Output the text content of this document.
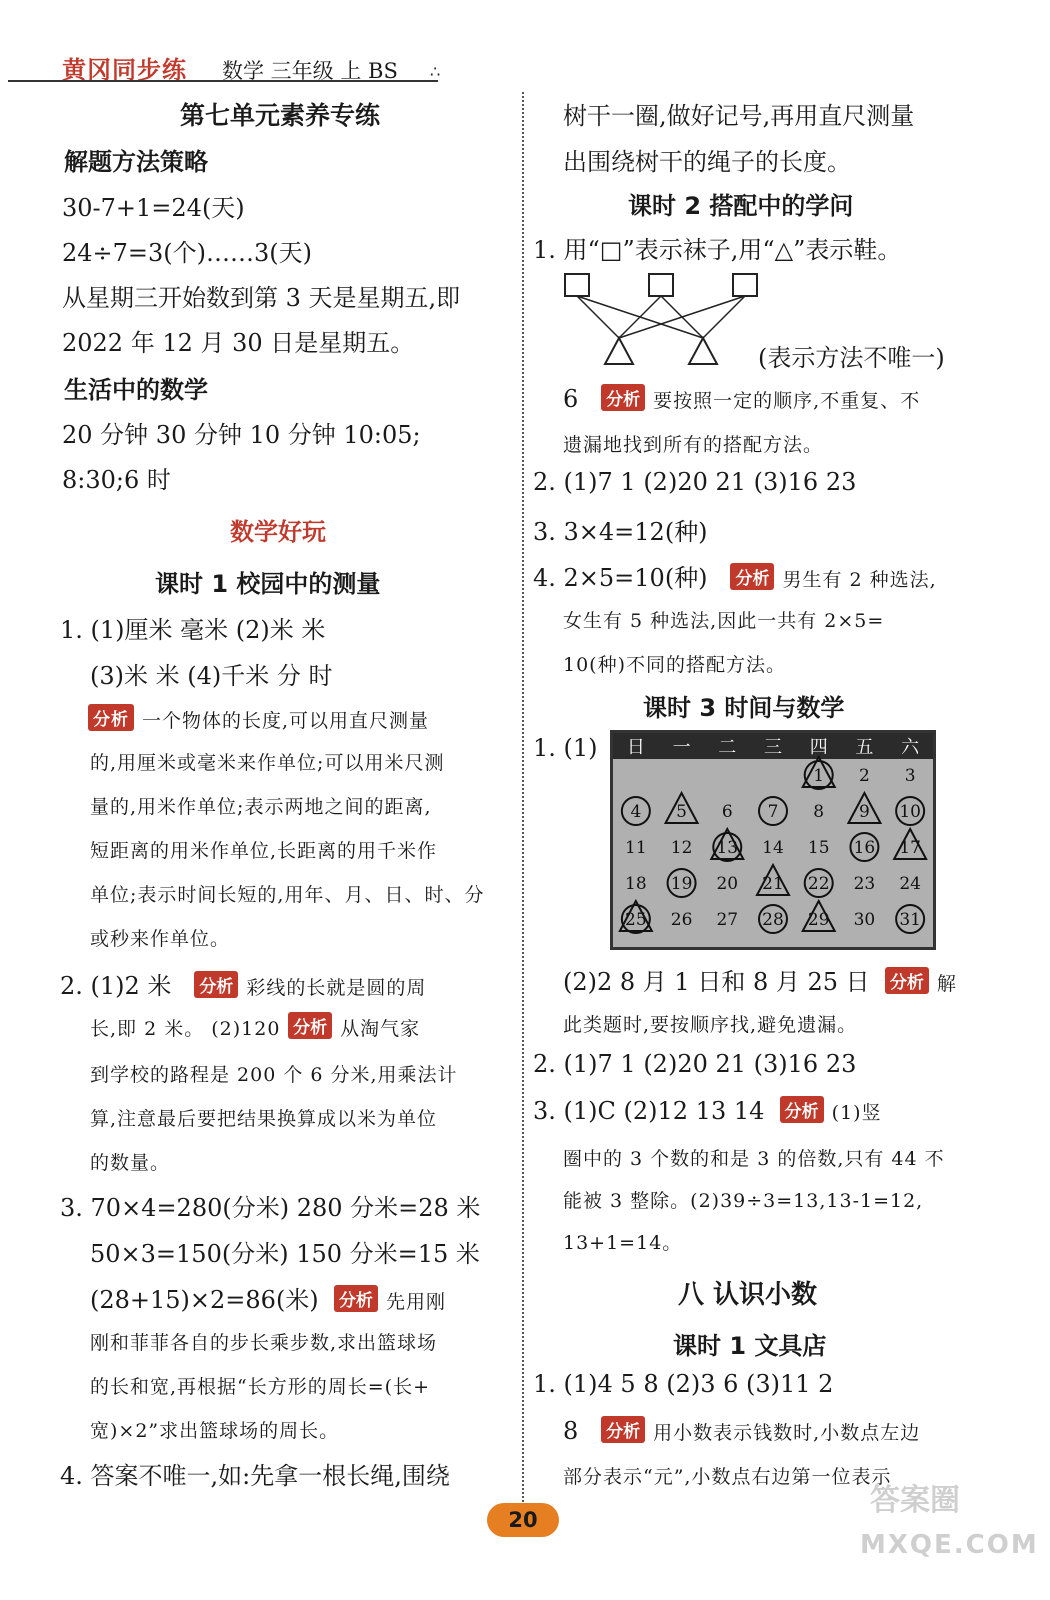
黄冈同步练 数学 三年级 上 BS ∴
第七单元素养专练
解题方法策略
30-7+1=24(天)
24÷7=3(个)……3(天)
从星期三开始数到第 3 天是星期五,即
2022 年 12 月 30 日是星期五。
生活中的数学
20 分钟 30 分钟 10 分钟 10:05;
8:30;6 时
数学好玩
课时 1 校园中的测量
1. (1)厘米 毫米 (2)米 米
(3)米 米 (4)千米 分 时
分析 一个物体的长度,可以用直尺测量
的,用厘米或毫米来作单位;可以用米尺测
量的,用米作单位;表示两地之间的距离,
短距离的用米作单位,长距离的用千米作
单位;表示时间长短的,用年、月、日、时、分
或秒来作单位。
2. (1)2 米 分析 彩线的长就是圆的周
长,即 2 米。 (2)120 分析 从淘气家
到学校的路程是 200 个 6 分米,用乘法计
算,注意最后要把结果换算成以米为单位
的数量。
3. 70×4=280(分米) 280 分米=28 米
50×3=150(分米) 150 分米=15 米
(28+15)×2=86(米) 分析 先用刚
刚和菲菲各自的步长乘步数,求出篮球场
的长和宽,再根据“长方形的周长=(长+
宽)×2”求出篮球场的周长。
4. 答案不唯一,如:先拿一根长绳,围绕
树干一圈,做好记号,再用直尺测量
出围绕树干的绳子的长度。
课时 2 搭配中的学问
1. 用“□”表示袜子,用“△”表示鞋。
(表示方法不唯一)
6 分析 要按照一定的顺序,不重复、不
遗漏地找到所有的搭配方法。
2. (1)7 1 (2)20 21 (3)16 23
3. 3×4=12(种)
4. 2×5=10(种) 分析 男生有 2 种选法,
女生有 5 种选法,因此一共有 2×5=
10(种)不同的搭配方法。
课时 3 时间与数学
1. (1) 日 一 二 三 四 五 六
1 2 3
4 5 6 7 8 9 10
11 12 13 14 15 16 17
18 19 20 21 22 23 24
25 26 27 28 29 30 31
(2)2 8 月 1 日和 8 月 25 日 分析 解
此类题时,要按顺序找,避免遗漏。
2. (1)7 1 (2)20 21 (3)16 23
3. (1)C (2)12 13 14 分析 (1)竖
圈中的 3 个数的和是 3 的倍数,只有 44 不
能被 3 整除。(2)39÷3=13,13-1=12,
13+1=14。
八 认识小数
课时 1 文具店
1. (1)4 5 8 (2)3 6 (3)11 2
8 分析 用小数表示钱数时,小数点左边
部分表示“元”,小数点右边第一位表示
20
答案圈
MXQE.COM
